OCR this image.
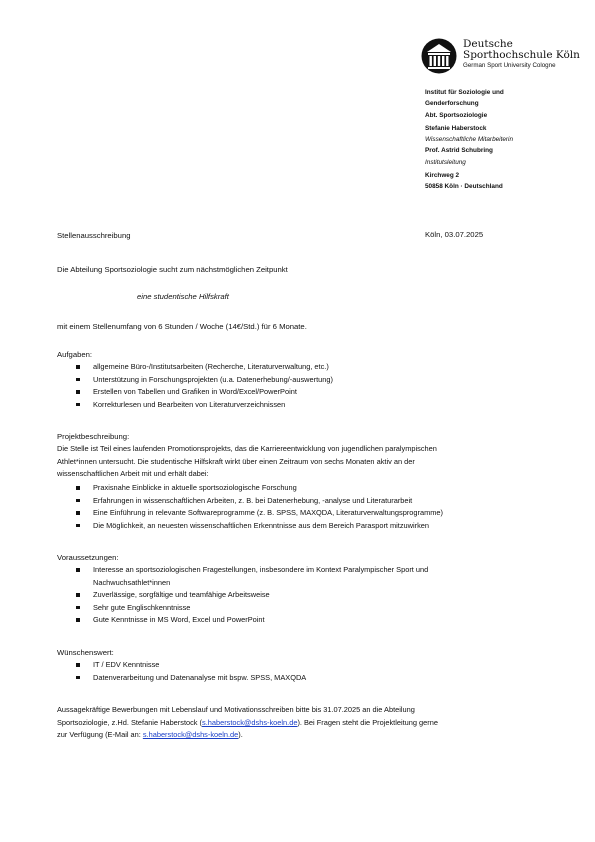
Deutsche
Sporthochschule Köln
German Sport University Cologne
Institut für Soziologie und
Genderforschung
Abt. Sportsoziologie
Stefanie Haberstock
Wissenschaftliche Mitarbeiterin
Prof. Astrid Schubring
Institutsleitung
Kirchweg 2
50858 Köln · Deutschland
Stellenausschreibung	Köln, 03.07.2025
Die Abteilung Sportsoziologie sucht zum nächstmöglichen Zeitpunkt
eine studentische Hilfskraft
mit einem Stellenumfang von 6 Stunden / Woche (14€/Std.) für 6 Monate.
Aufgaben:
allgemeine Büro-/Institutsarbeiten (Recherche, Literaturverwaltung, etc.)
Unterstützung in Forschungsprojekten (u.a. Datenerhebung/-auswertung)
Erstellen von Tabellen und Grafiken in Word/Excel/PowerPoint
Korrekturlesen und Bearbeiten von Literaturverzeichnissen
Projektbeschreibung:
Die Stelle ist Teil eines laufenden Promotionsprojekts, das die Karriereentwicklung von jugendlichen paralympischen
Athlet*innen untersucht. Die studentische Hilfskraft wirkt über einen Zeitraum von sechs Monaten aktiv an der
wissenschaftlichen Arbeit mit und erhält dabei:
Praxisnahe Einblicke in aktuelle sportsoziologische Forschung
Erfahrungen in wissenschaftlichen Arbeiten, z. B. bei Datenerhebung, -analyse und Literaturarbeit
Eine Einführung in relevante Softwareprogramme (z. B. SPSS, MAXQDA, Literaturverwaltungsprogramme)
Die Möglichkeit, an neuesten wissenschaftlichen Erkenntnisse aus dem Bereich Parasport mitzuwirken
Voraussetzungen:
Interesse an sportsoziologischen Fragestellungen, insbesondere im Kontext Paralympischer Sport und
Nachwuchsathlet*innen
Zuverlässige, sorgfältige und teamfähige Arbeitsweise
Sehr gute Englischkenntnisse
Gute Kenntnisse in MS Word, Excel und PowerPoint
Wünschenswert:
IT / EDV Kenntnisse
Datenverarbeitung und Datenanalyse mit bspw. SPSS, MAXQDA
Aussagekräftige Bewerbungen mit Lebenslauf und Motivationsschreiben bitte bis 31.07.2025 an die Abteilung
Sportsoziologie, z.Hd. Stefanie Haberstock (s.haberstock@dshs-koeln.de). Bei Fragen steht die Projektleitung gerne
zur Verfügung (E-Mail an: s.haberstock@dshs-koeln.de).
